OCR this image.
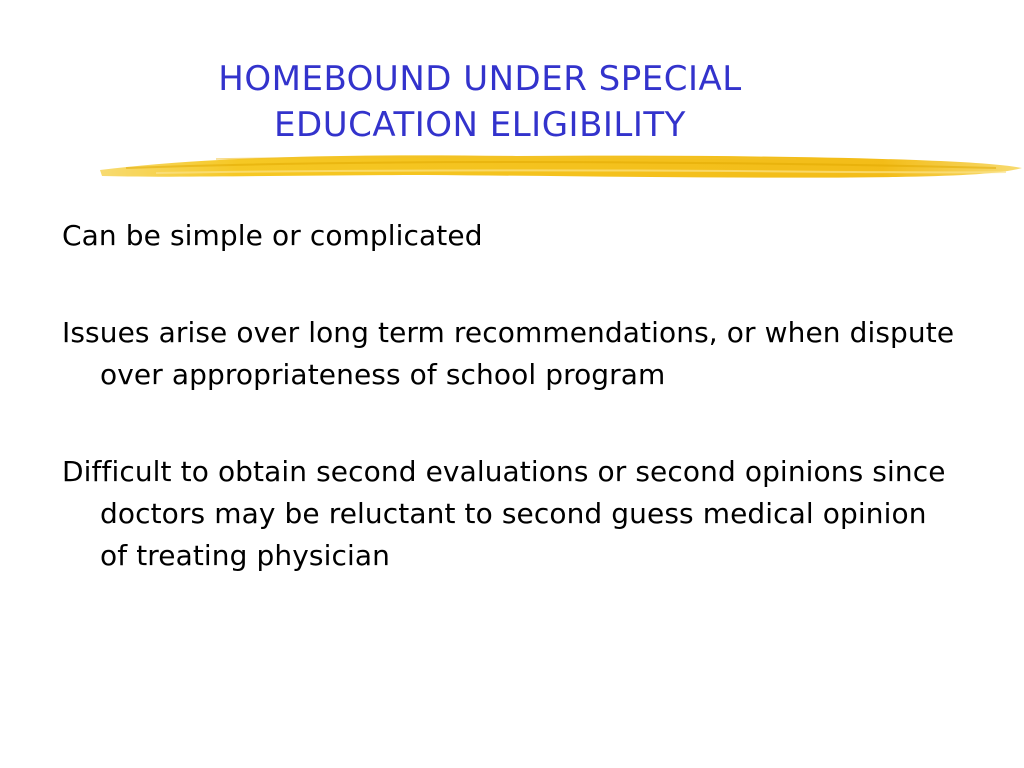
HOMEBOUND UNDER SPECIAL
EDUCATION ELIGIBILITY
Can be simple or complicated
Issues arise over long term recommendations, or when dispute over appropriateness of school program
Difficult to obtain second evaluations or second opinions since doctors may be reluctant to second guess medical opinion of treating physician
